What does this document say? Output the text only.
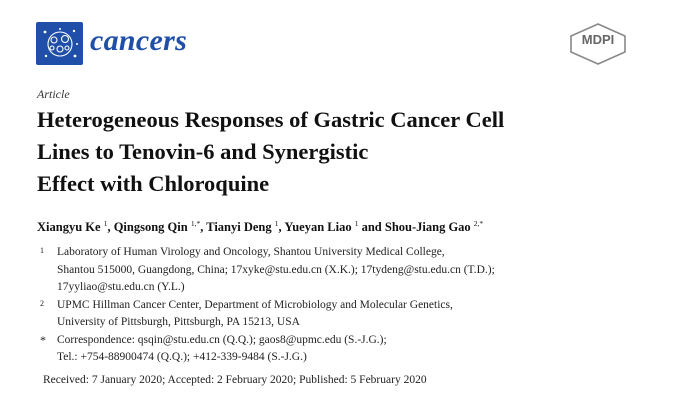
cancers	MDPI
Article
Heterogeneous Responses of Gastric Cancer Cell
Lines to Tenovin-6 and Synergistic
Effect with Chloroquine
Xiangyu Ke $^1$, Qingsong Qin $^{1,*}$, Tianyi Deng $^1$, Yueyan Liao $^1$ and Shou-Jiang Gao $^{2,*}$
1 Laboratory of Human Virology and Oncology, Shantou University Medical College,
Shantou 515000, Guangdong, China; 17xyke@stu.edu.cn (X.K.); 17tydeng@stu.edu.cn (T.D.);
17yyliao@stu.edu.cn (Y.L.)
2 UPMC Hillman Cancer Center, Department of Microbiology and Molecular Genetics,
University of Pittsburgh, Pittsburgh, PA 15213, USA
* Correspondence: qsqin@stu.edu.cn (Q.Q.); gaos8@upmc.edu (S.-J.G.);
Tel.: +754-88900474 (Q.Q.); +412-339-9484 (S.-J.G.)
Received: 7 January 2020; Accepted: 2 February 2020; Published: 5 February 2020
